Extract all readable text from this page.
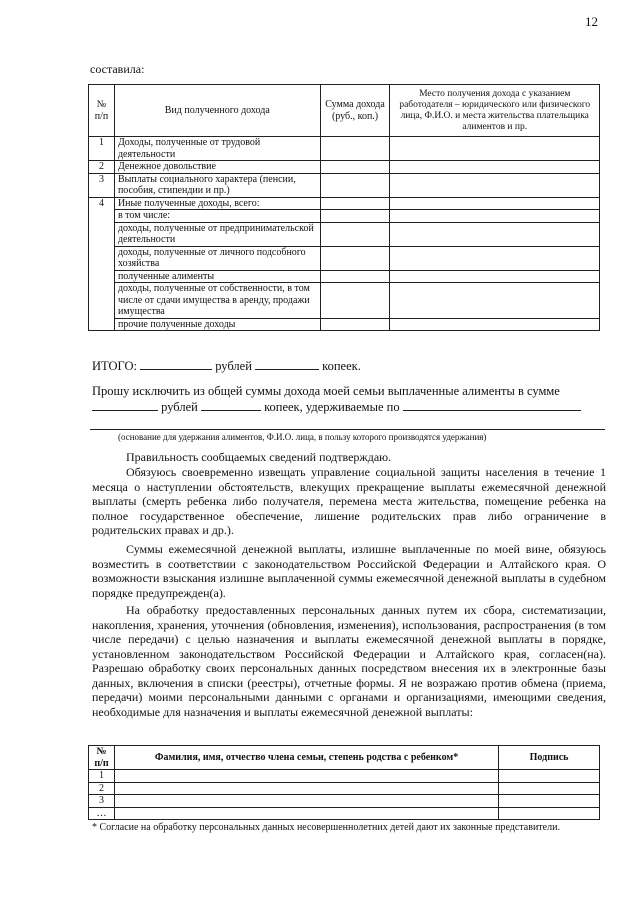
12
составила:
№ п/п	Вид полученного дохода	Сумма дохода (руб., коп.)	Место получения дохода с указанием работодателя – юридического или физического лица, Ф.И.О. и места жительства плательщика алиментов и пр.
1	Доходы, полученные от трудовой деятельности		
2	Денежное довольствие		
3	Выплаты социального характера (пенсии, пособия, стипендии и пр.)		
4	Иные полученные доходы, всего:		
	в том числе:		
	доходы, полученные от предпринимательской деятельности		
	доходы, полученные от личного подсобного хозяйства		
	полученные алименты		
	доходы, полученные от собственности, в том числе от сдачи имущества в аренду, продажи имущества		
	прочие полученные доходы		
ИТОГО:	рублей	копеек.
Прошу исключить из общей суммы дохода моей семьи выплаченные алименты в сумме
рублей	копеек, удерживаемые по
(основание для удержания алиментов, Ф.И.О. лица, в пользу которого производятся удержания)
Правильность сообщаемых сведений подтверждаю.
Обязуюсь своевременно извещать управление социальной защиты населения в течение 1 месяца о наступлении обстоятельств, влекущих прекращение выплаты ежемесячной денежной выплаты (смерть ребенка либо получателя, перемена места жительства, помещение ребенка на полное государственное обеспечение, лишение родительских прав либо ограничение в родительских правах и др.).
Суммы ежемесячной денежной выплаты, излишне выплаченные по моей вине, обязуюсь возместить в соответствии с законодательством Российской Федерации и Алтайского края. О возможности взыскания излишне выплаченной суммы ежемесячной денежной выплаты в судебном порядке предупрежден(а).
На обработку предоставленных персональных данных путем их сбора, систематизации, накопления, хранения, уточнения (обновления, изменения), использования, распространения (в том числе передачи) с целью назначения и выплаты ежемесячной денежной выплаты в порядке, установленном законодательством Российской Федерации и Алтайского края, согласен(на). Разрешаю обработку своих персональных данных посредством внесения их в электронные базы данных, включения в списки (реестры), отчетные формы. Я не возражаю против обмена (приема, передачи) моими персональными данными с органами и организациями, имеющими сведения, необходимые для назначения и выплаты ежемесячной денежной выплаты:
№ п/п	Фамилия, имя, отчество члена семьи, степень родства с ребенком*	Подпись
1		
2		
3		
…		
* Согласие на обработку персональных данных несовершеннолетних детей дают их законные представители.
